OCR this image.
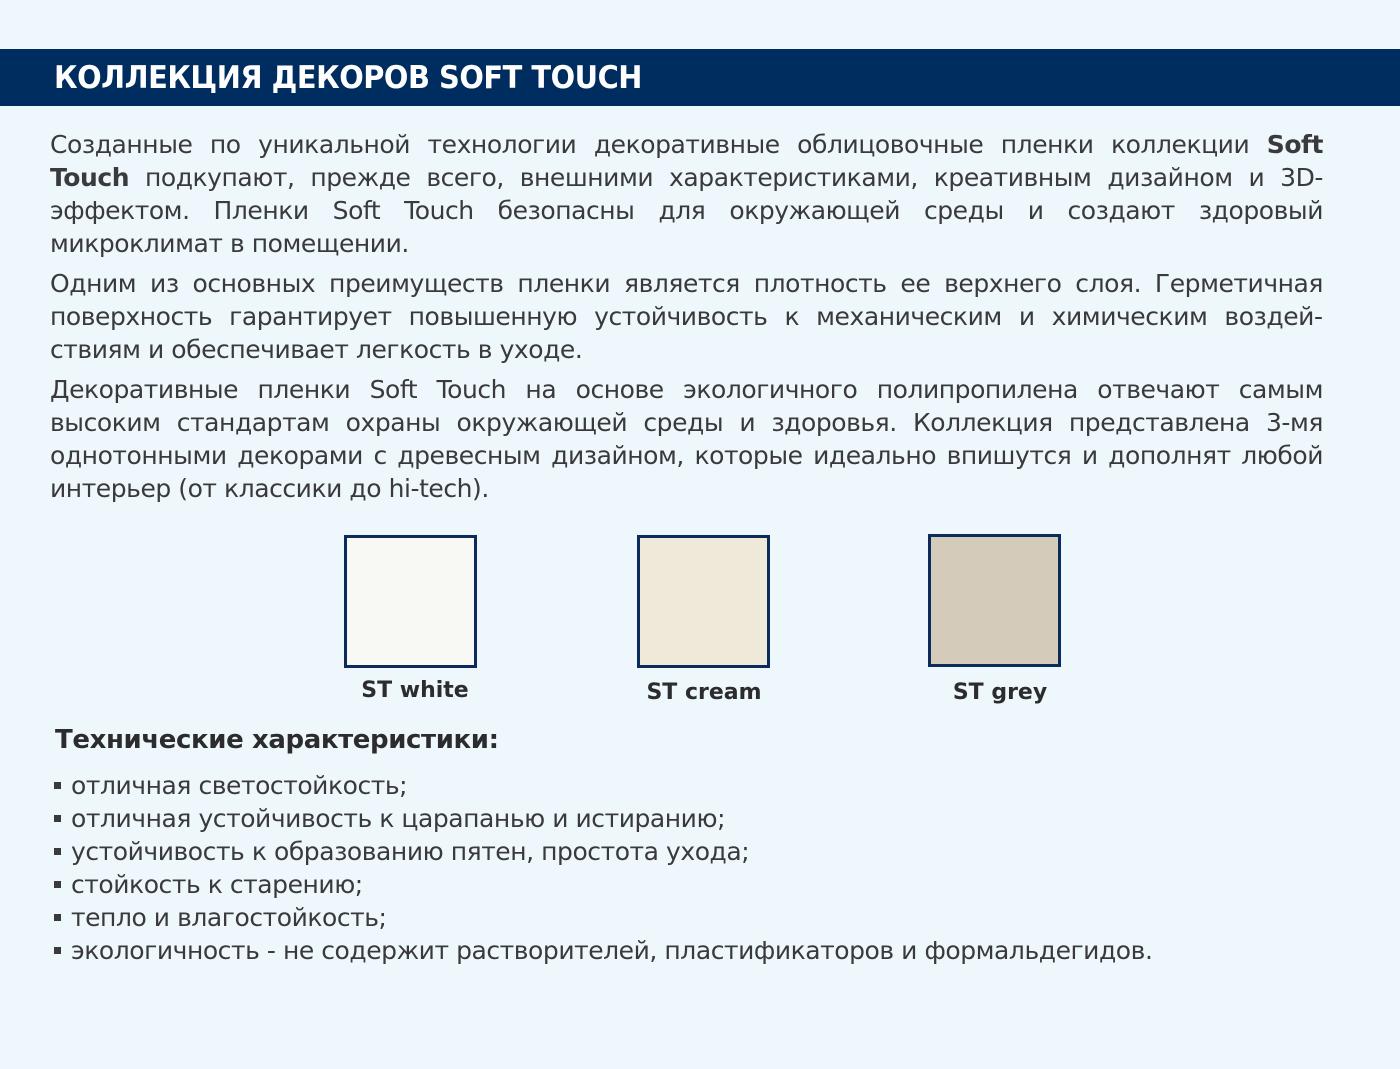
КОЛЛЕКЦИЯ ДЕКОРОВ SOFT TOUCH

Созданные по уникальной технологии декоративные облицовочные пленки коллекции Soft Touch подкупают, прежде всего, внешними характеристиками, креативным дизайном и 3D-эффектом. Пленки Soft Touch безопасны для окружающей среды и создают здоровый микроклимат в помещении.

Одним из основных преимуществ пленки является плотность ее верхнего слоя. Герметичная поверхность гарантирует повышенную устойчивость к механическим и химическим воздействиям и обеспечивает легкость в уходе.

Декоративные пленки Soft Touch на основе экологичного полипропилена отвечают самым высоким стандартам охраны окружающей среды и здоровья. Коллекция представлена 3-мя однотонными декорами с древесным дизайном, которые идеально впишутся и дополнят любой интерьер (от классики до hi-tech).

ST white	ST cream	ST grey
Технические характеристики:
отличная светостойкость;
отличная устойчивость к царапанью и истиранию;
устойчивость к образованию пятен, простота ухода;
стойкость к старению;
тепло и влагостойкость;
экологичность - не содержит растворителей, пластификаторов и формальдегидов.
